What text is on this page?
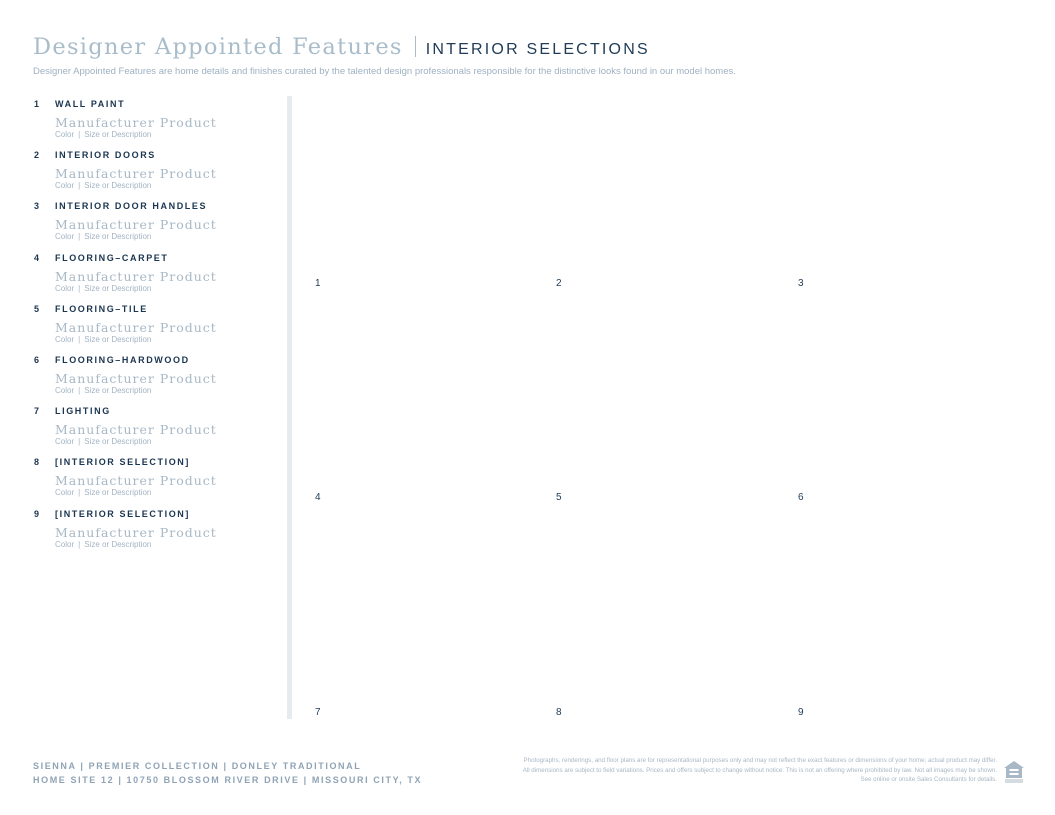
Designer Appointed Features INTERIOR SELECTIONS
Designer Appointed Features are home details and finishes curated by the talented design professionals responsible for the distinctive looks found in our model homes.
1 WALL PAINT
Manufacturer Product
Color | Size or Description
2 INTERIOR DOORS
Manufacturer Product
Color | Size or Description
3 INTERIOR DOOR HANDLES
Manufacturer Product
Color | Size or Description
4 FLOORING–CARPET
Manufacturer Product
Color | Size or Description
5 FLOORING–TILE
Manufacturer Product
Color | Size or Description
6 FLOORING–HARDWOOD
Manufacturer Product
Color | Size or Description
7 LIGHTING
Manufacturer Product
Color | Size or Description
8 [INTERIOR SELECTION]
Manufacturer Product
Color | Size or Description
9 [INTERIOR SELECTION]
Manufacturer Product
Color | Size or Description
1	2	3
4	5	6
7	8	9
SIENNA | PREMIER COLLECTION | DONLEY TRADITIONAL
HOME SITE 12 | 10750 BLOSSOM RIVER DRIVE | MISSOURI CITY, TX
Photographs, renderings, and floor plans are for representational purposes only and may not reflect the exact features or dimensions of your home; actual product may differ. All dimensions are subject to field variations. Prices and offers subject to change without notice. This is not an offering where prohibited by law. Not all images may be shown. See online or onsite Sales Consultants for details.
